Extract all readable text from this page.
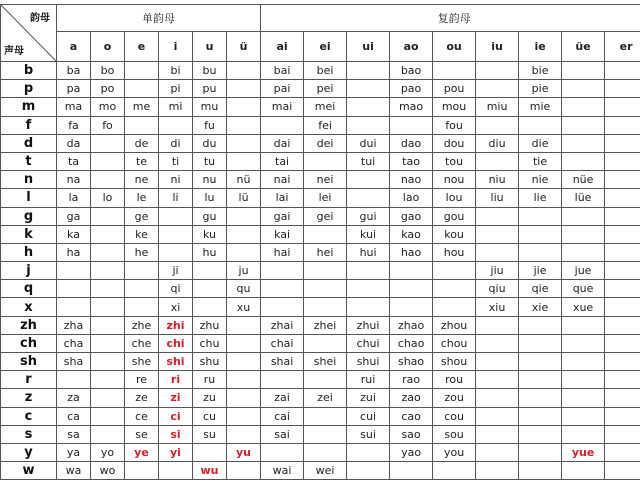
韵母
声母	单韵母						复韵母								
	a	o	e	i	u	ü	ai	ei	ui	ao	ou	iu	ie	üe	er
b	ba	bo		bi	bu		bai	bei		bao			bie		
p	pa	po		pi	pu		pai	pei		pao	pou		pie		
m	ma	mo	me	mi	mu		mai	mei		mao	mou	miu	mie		
f	fa	fo			fu			fei			fou				
d	da		de	di	du		dai	dei	dui	dao	dou	diu	die		
t	ta		te	ti	tu		tai		tui	tao	tou		tie		
n	na		ne	ni	nu	nü	nai	nei		nao	nou	niu	nie	nüe	
l	la	lo	le	li	lu	lü	lai	lei		lao	lou	liu	lie	lüe	
g	ga		ge		gu		gai	gei	gui	gao	gou				
k	ka		ke		ku		kai		kui	kao	kou				
h	ha		he		hu		hai	hei	hui	hao	hou				
j				ji		ju						jiu	jie	jue	
q				qi		qu						qiu	qie	que	
x				xi		xu						xiu	xie	xue	
zh	zha		zhe	zhi	zhu		zhai	zhei	zhui	zhao	zhou				
ch	cha		che	chi	chu		chai		chui	chao	chou				
sh	sha		she	shi	shu		shai	shei	shui	shao	shou				
r			re	ri	ru				rui	rao	rou				
z	za		ze	zi	zu		zai	zei	zui	zao	zou				
c	ca		ce	ci	cu		cai		cui	cao	cou				
s	sa		se	si	su		sai		sui	sao	sou				
y	ya	yo	ye	yi		yu				yao	you			yue	
w	wa	wo			wu		wai	wei							
